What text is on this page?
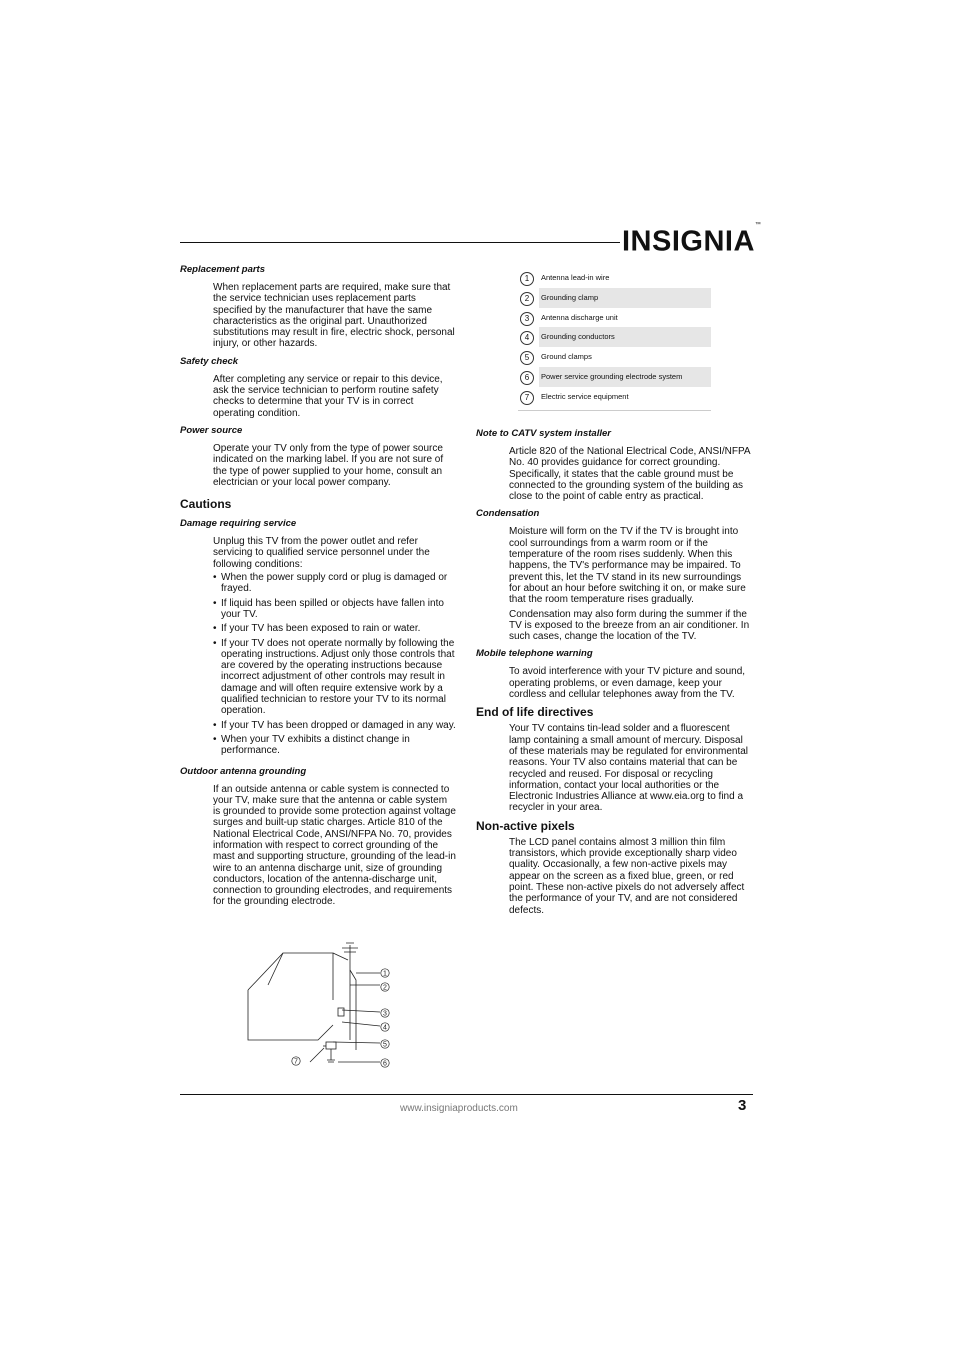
INSIGNIA™
Replacement parts

When replacement parts are required, make sure that the service technician uses replacement parts specified by the manufacturer that have the same characteristics as the original part. Unauthorized substitutions may result in fire, electric shock, personal injury, or other hazards.

Safety check

After completing any service or repair to this device, ask the service technician to perform routine safety checks to determine that your TV is in correct operating condition.

Power source

Operate your TV only from the type of power source indicated on the marking label. If you are not sure of the type of power supplied to your home, consult an electrician or your local power company.

Cautions
Damage requiring service

Unplug this TV from the power outlet and refer servicing to qualified service personnel under the following conditions:

• When the power supply cord or plug is damaged or frayed.
• If liquid has been spilled or objects have fallen into your TV.
• If your TV has been exposed to rain or water.
• If your TV does not operate normally by following the operating instructions. Adjust only those controls that are covered by the operating instructions because incorrect adjustment of other controls may result in damage and will often require extensive work by a qualified technician to restore your TV to its normal operation.
• If your TV has been dropped or damaged in any way.
• When your TV exhibits a distinct change in performance.
Outdoor antenna grounding

If an outside antenna or cable system is connected to your TV, make sure that the antenna or cable system is grounded to provide some protection against voltage surges and built-up static charges. Article 810 of the National Electrical Code, ANSI/NFPA No. 70, provides information with respect to correct grounding of the mast and supporting structure, grounding of the lead-in wire to an antenna discharge unit, size of grounding conductors, location of the antenna-discharge unit, connection to grounding electrodes, and requirements for the grounding electrode.

1
2
3
4
5
6
7
1	Antenna lead-in wire
2	Grounding clamp
3	Antenna discharge unit
4	Grounding conductors
5	Ground clamps
6	Power service grounding electrode system
7	Electric service equipment
Note to CATV system installer

Article 820 of the National Electrical Code, ANSI/NFPA No. 40 provides guidance for correct grounding. Specifically, it states that the cable ground must be connected to the grounding system of the building as close to the point of cable entry as practical.

Condensation

Moisture will form on the TV if the TV is brought into cool surroundings from a warm room or if the temperature of the room rises suddenly. When this happens, the TV's performance may be impaired. To prevent this, let the TV stand in its new surroundings for about an hour before switching it on, or make sure that the room temperature rises gradually.

Condensation may also form during the summer if the TV is exposed to the breeze from an air conditioner. In such cases, change the location of the TV.

Mobile telephone warning

To avoid interference with your TV picture and sound, operating problems, or even damage, keep your cordless and cellular telephones away from the TV.

End of life directives

Your TV contains tin-lead solder and a fluorescent lamp containing a small amount of mercury. Disposal of these materials may be regulated for environmental reasons. Your TV also contains material that can be recycled and reused. For disposal or recycling information, contact your local authorities or the Electronic Industries Alliance at www.eia.org to find a recycler in your area.

Non-active pixels

The LCD panel contains almost 3 million thin film transistors, which provide exceptionally sharp video quality. Occasionally, a few non-active pixels may appear on the screen as a fixed blue, green, or red point. These non-active pixels do not adversely affect the performance of your TV, and are not considered defects.

www.insigniaproducts.com	3
